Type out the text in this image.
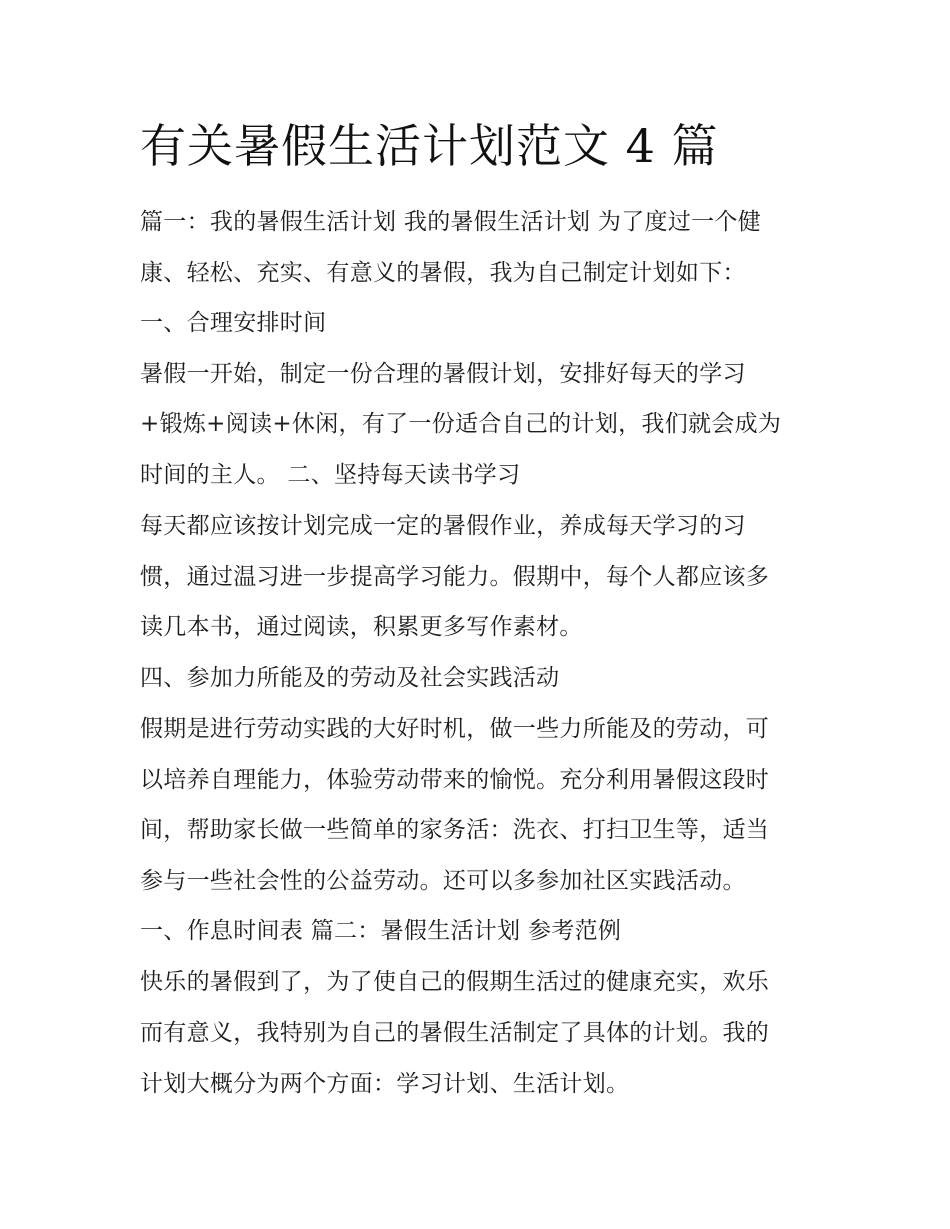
有关暑假生活计划范文 4 篇
篇一：我的暑假生活计划 我的暑假生活计划 为了度过一个健
康、轻松、充实、有意义的暑假，我为自己制定计划如下：
一、合理安排时间
暑假一开始，制定一份合理的暑假计划，安排好每天的学习
+锻炼+阅读+休闲，有了一份适合自己的计划，我们就会成为
时间的主人。 二、坚持每天读书学习
每天都应该按计划完成一定的暑假作业，养成每天学习的习
惯，通过温习进一步提高学习能力。假期中，每个人都应该多
读几本书，通过阅读，积累更多写作素材。
四、参加力所能及的劳动及社会实践活动
假期是进行劳动实践的大好时机，做一些力所能及的劳动，可
以培养自理能力，体验劳动带来的愉悦。充分利用暑假这段时
间，帮助家长做一些简单的家务活：洗衣、打扫卫生等，适当
参与一些社会性的公益劳动。还可以多参加社区实践活动。
一、作息时间表 篇二：暑假生活计划 参考范例
快乐的暑假到了，为了使自己的假期生活过的健康充实，欢乐
而有意义，我特别为自己的暑假生活制定了具体的计划。我的
计划大概分为两个方面：学习计划、生活计划。
